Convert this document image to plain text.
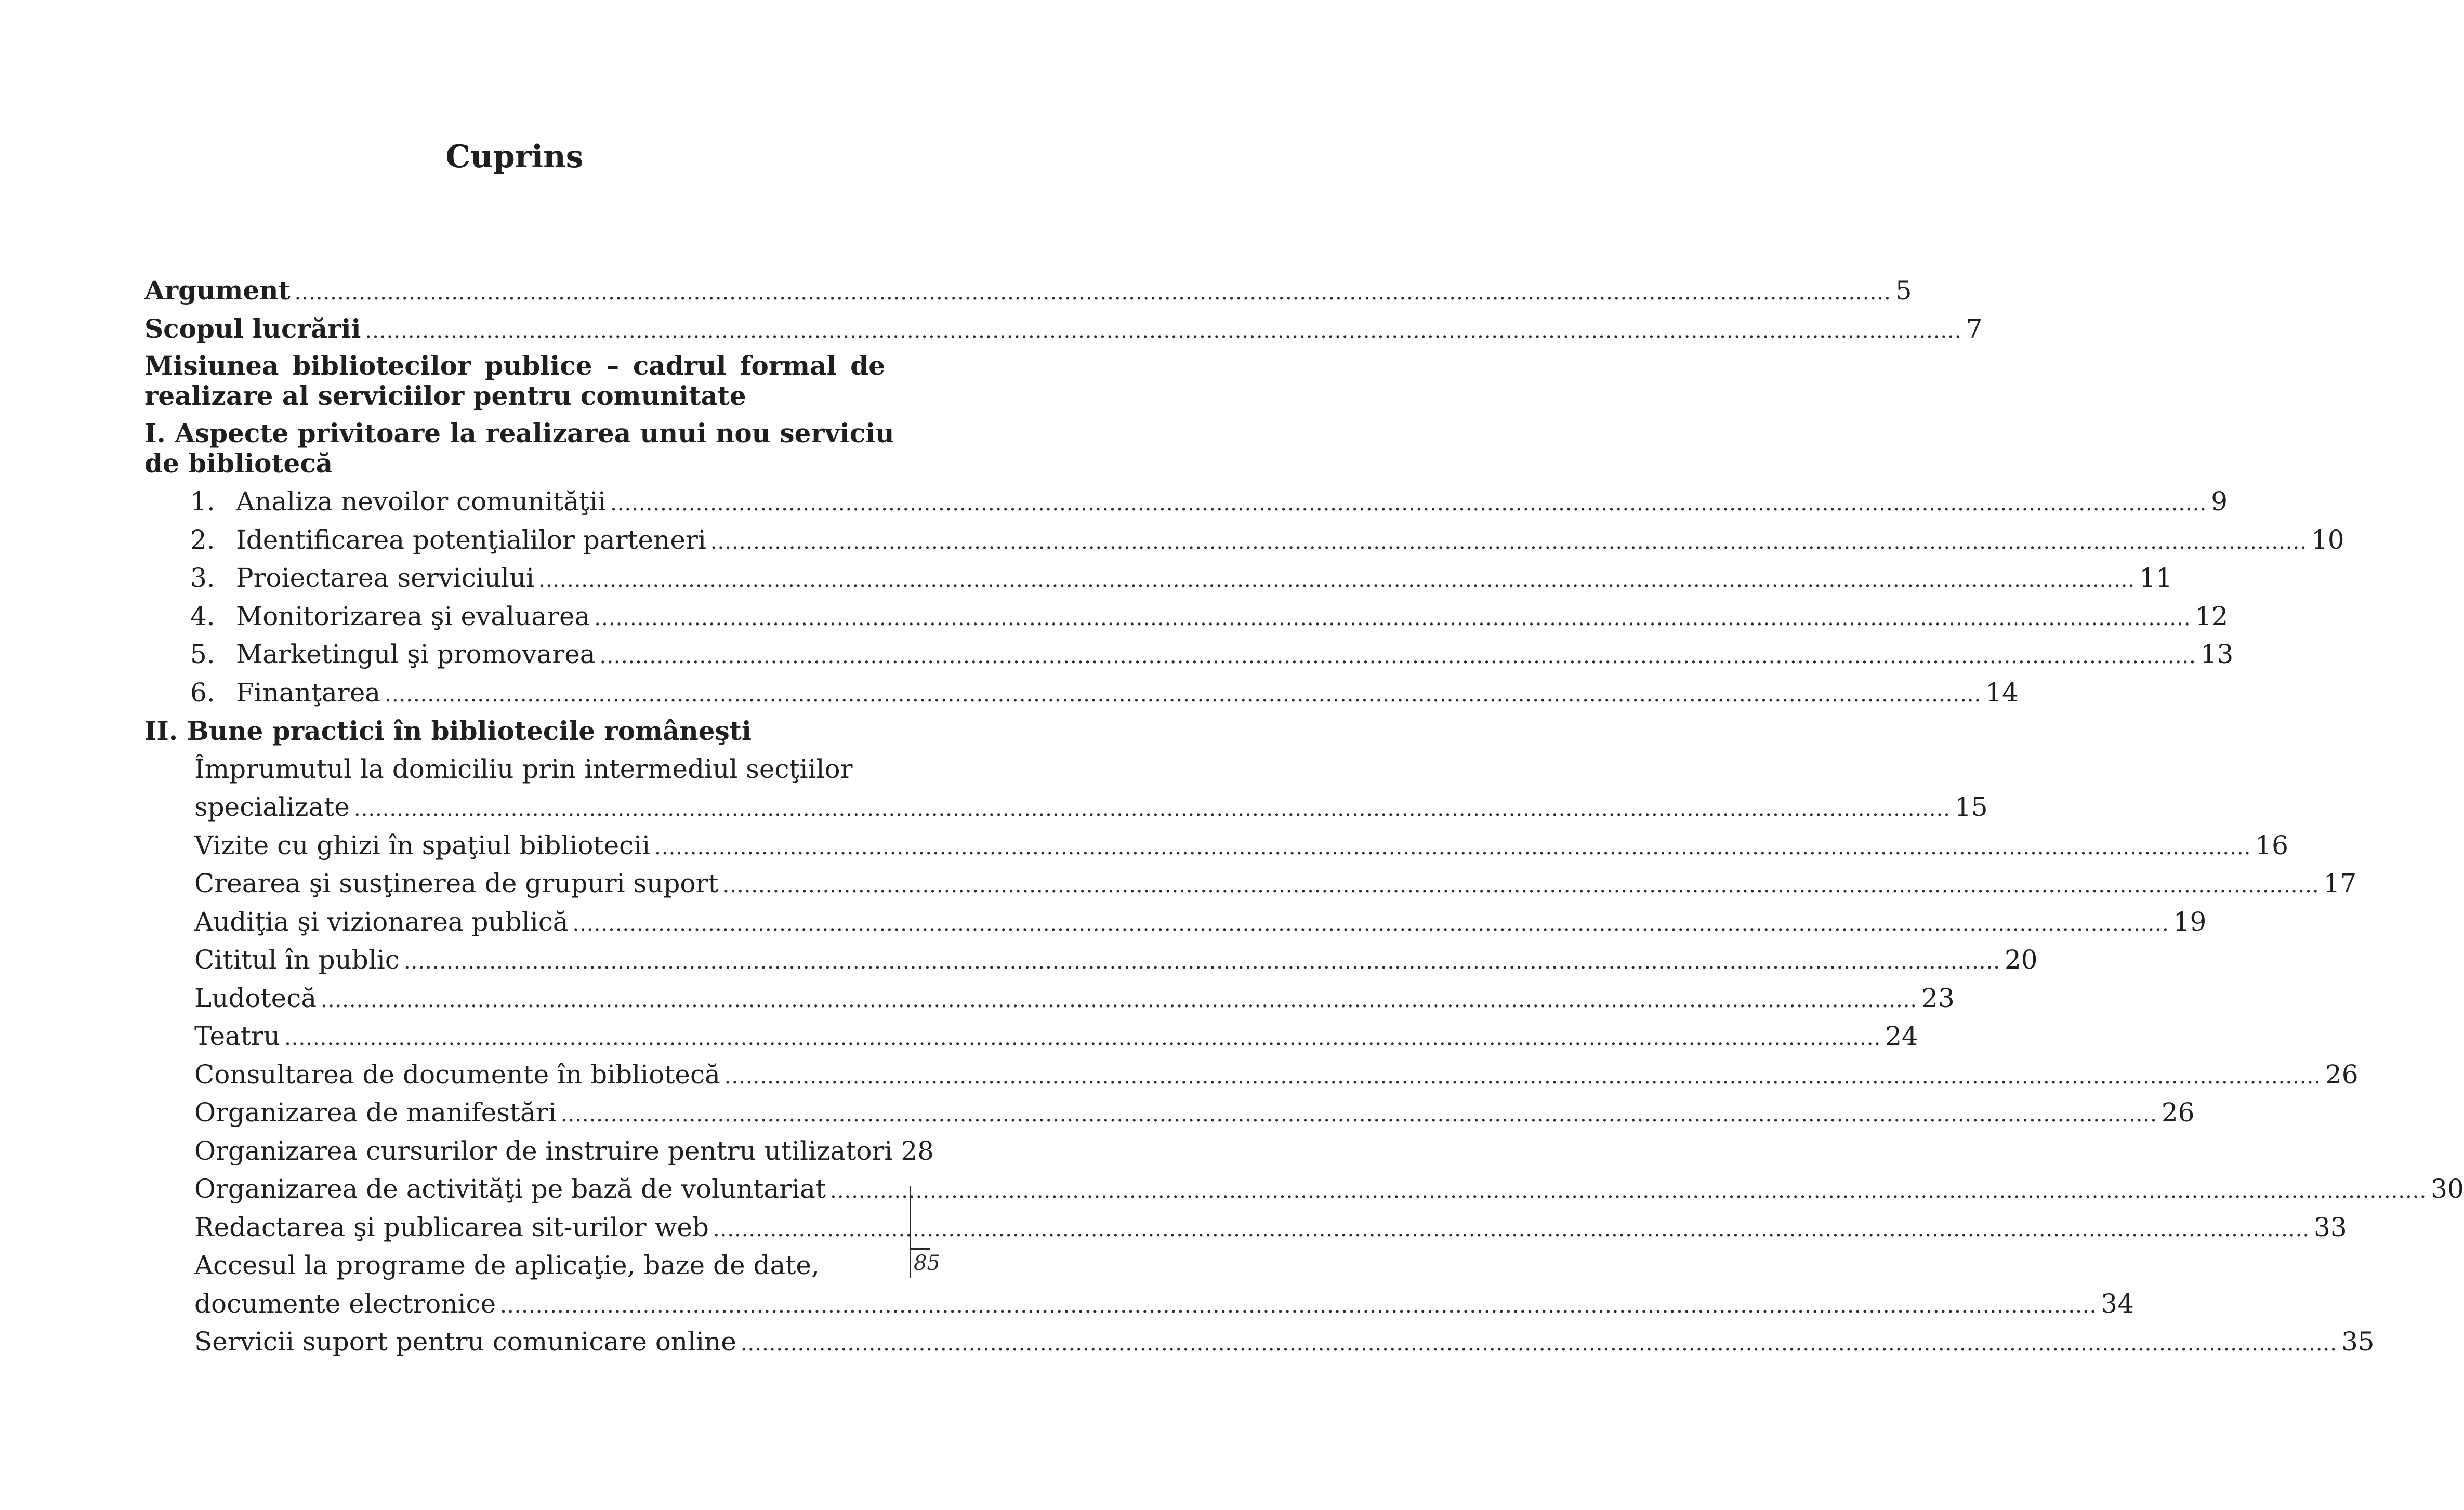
Cuprins
Argument .....	5
Scopul lucrării .....	7
Misiunea bibliotecilor publice – cadrul formal de
realizare al serviciilor pentru comunitate
I. Aspecte privitoare la realizarea unui nou serviciu
de bibliotecă
1. Analiza nevoilor comunităţii .....	9
2. Identificarea potenţialilor parteneri .....	10
3. Proiectarea serviciului .....	11
4. Monitorizarea şi evaluarea .....	12
5. Marketingul şi promovarea .....	13
6. Finanţarea .....	14
II. Bune practici în bibliotecile româneşti
Împrumutul la domiciliu prin intermediul secţiilor
specializate .....	15
Vizite cu ghizi în spaţiul bibliotecii .....	16
Crearea şi susţinerea de grupuri suport .....	17
Audiţia şi vizionarea publică .....	19
Cititul în public .....	20
Ludotecă .....	23
Teatru .....	24
Consultarea de documente în bibliotecă .....	26
Organizarea de manifestări .....	26
Organizarea cursurilor de instruire pentru utilizatori 28
Organizarea de activităţi pe bază de voluntariat .....	30
Redactarea şi publicarea sit-urilor web .....	33
Accesul la programe de aplicaţie, baze de date,
documente electronice .....	34
Servicii suport pentru comunicare online .....	35
85
